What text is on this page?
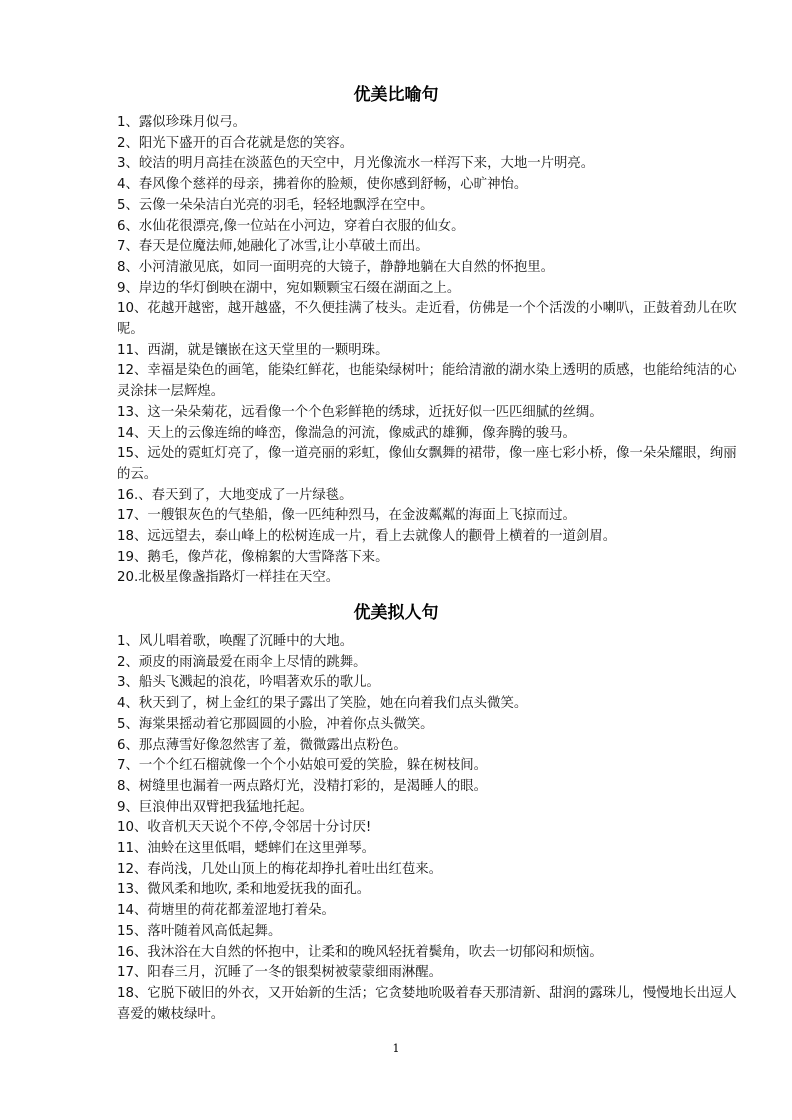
优美比喻句
1、露似珍珠月似弓。
2、阳光下盛开的百合花就是您的笑容。
3、皎洁的明月高挂在淡蓝色的天空中，月光像流水一样泻下来，大地一片明亮。
4、春风像个慈祥的母亲，拂着你的脸颊，使你感到舒畅，心旷神怡。
5、云像一朵朵洁白光亮的羽毛，轻轻地飘浮在空中。
6、水仙花很漂亮,像一位站在小河边，穿着白衣服的仙女。
7、春天是位魔法师,她融化了冰雪,让小草破土而出。
8、小河清澈见底，如同一面明亮的大镜子，静静地躺在大自然的怀抱里。
9、岸边的华灯倒映在湖中，宛如颗颗宝石缀在湖面之上。
10、花越开越密，越开越盛，不久便挂满了枝头。走近看，仿佛是一个个活泼的小喇叭，正鼓着劲儿在吹呢。
11、西湖，就是镶嵌在这天堂里的一颗明珠。
12、幸福是染色的画笔，能染红鲜花，也能染绿树叶；能给清澈的湖水染上透明的质感，也能给纯洁的心灵涂抹一层辉煌。
13、这一朵朵菊花，远看像一个个色彩鲜艳的绣球，近抚好似一匹匹细腻的丝绸。
14、天上的云像连绵的峰峦，像湍急的河流，像威武的雄狮，像奔腾的骏马。
15、远处的霓虹灯亮了，像一道亮丽的彩虹，像仙女飘舞的裙带，像一座七彩小桥，像一朵朵耀眼，绚丽的云。
16.、春天到了，大地变成了一片绿毯。
17、一艘银灰色的气垫船，像一匹纯种烈马，在金波粼粼的海面上飞掠而过。
18、远远望去，泰山峰上的松树连成一片，看上去就像人的颧骨上横着的一道剑眉。
19、鹅毛，像芦花，像棉絮的大雪降落下来。
20.北极星像盏指路灯一样挂在天空。
优美拟人句
1、风儿唱着歌，唤醒了沉睡中的大地。
2、顽皮的雨滴最爱在雨伞上尽情的跳舞。
3、船头飞溅起的浪花，吟唱著欢乐的歌儿。
4、秋天到了，树上金红的果子露出了笑脸，她在向着我们点头微笑。
5、海棠果摇动着它那圆圆的小脸，冲着你点头微笑。
6、那点薄雪好像忽然害了羞，微微露出点粉色。
7、一个个红石榴就像一个个小姑娘可爱的笑脸，躲在树枝间。
8、树缝里也漏着一两点路灯光，没精打彩的，是渴睡人的眼。
9、巨浪伸出双臂把我猛地托起。
10、收音机天天说个不停,令邻居十分讨厌!
11、油蛉在这里低唱，蟋蟀们在这里弹琴。
12、春尚浅，几处山顶上的梅花却挣扎着吐出红苞来。
13、微风柔和地吹, 柔和地爱抚我的面孔。
14、荷塘里的荷花都羞涩地打着朵。
15、落叶随着风高低起舞。
16、我沐浴在大自然的怀抱中，让柔和的晚风轻抚着鬓角，吹去一切郁闷和烦恼。
17、阳春三月，沉睡了一冬的银梨树被蒙蒙细雨淋醒。
18、它脱下破旧的外衣，又开始新的生活；它贪婪地吮吸着春天那清新、甜润的露珠儿，慢慢地长出逗人喜爱的嫩枝绿叶。
1
